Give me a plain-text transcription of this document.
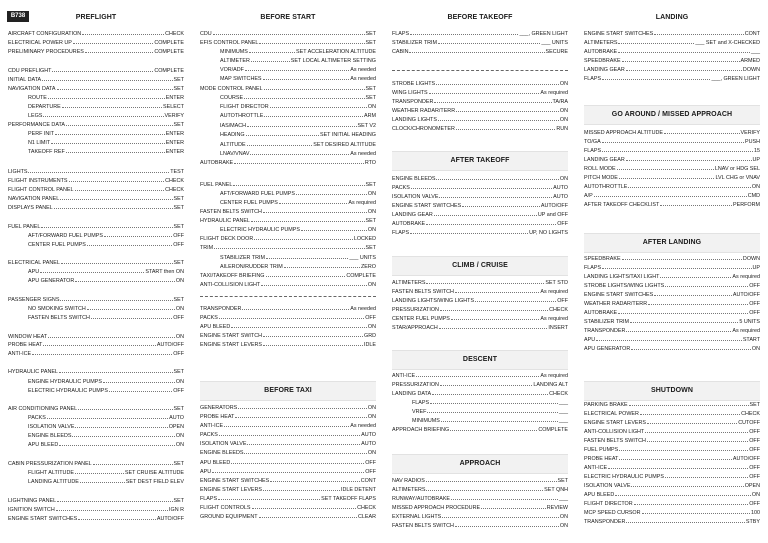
B738	PREFLIGHT
AIRCRAFT CONFIGURATION	CHECK
ELECTRICAL POWER UP	COMPLETE
PRELIMINARY PROCEDURES	COMPLETE
CDU PREFLIGHT	COMPLETE
INITIAL DATA	SET
NAVIGATION DATA	SET
ROUTE	ENTER
DEPARTURE	SELECT
LEGS	VERIFY
PERFORMANCE DATA	SET
PERF INIT	ENTER
N1 LIMIT	ENTER
TAKEOFF REF	ENTER
LIGHTS	TEST
FLIGHT INSTRUMENTS	CHECK
FLIGHT CONTROL PANEL	CHECK
NAVIGATION PANEL	SET
DISPLAYS PANEL	SET
FUEL PANEL	SET
AFT/FORWARD FUEL PUMPS	OFF
CENTER FUEL PUMPS	OFF
ELECTRICAL PANEL	SET
APU	START then ON
APU GENERATOR	ON
PASSENGER SIGNS	SET
NO SMOKING SWITCH	ON
FASTEN BELTS SWITCH	OFF
WINDOW HEAT	ON
PROBE HEAT	AUTO/OFF
ANTI-ICE	OFF
HYDRAULIC PANEL	SET
ENGINE HYDRAULIC PUMPS	ON
ELECTRIC HYDRAULIC PUMPS	OFF
AIR CONDITIONING PANEL	SET
PACKS	AUTO
ISOLATION VALVE	OPEN
ENGINE BLEEDS	ON
APU BLEED	ON
CABIN PRESSURIZATION PANEL	SET
FLIGHT ALTITUDE	SET CRUISE ALTITUDE
LANDING ALTITUDE	SET DEST FIELD ELEV
LIGHTNING PANEL	SET
IGNITION SWITCH	IGN R
ENGINE START SWITCHES	AUTO/OFF
BEFORE START
BEFORE TAXI
CDU	SET
EFIS CONTROL PANEL	SET
MINIMUMS	SET ACCELERATION ALTITUDE
ALTIMETER	SET LOCAL ALTIMETER SETTING
VOR/ADF	As needed
MAP SWITCHES	As needed
MODE CONTROL PANEL	SET
COURSE	SET
FLIGHT DIRECTOR	ON
AUTOTHROTTLE	ARM
IAS/MACH	SET V2
HEADING	SET INITIAL HEADING
ALTITUDE	SET DESIRED ALTITUDE
LNAV/VNAV	As needed
AUTOBRAKE	RTO
FUEL PANEL	SET
AFT/FORWARD FUEL PUMPS	ON
CENTER FUEL PUMPS	As required
FASTEN BELTS SWITCH	ON
HYDRAULIC PANEL	SET
ELECTRIC HYDRAULIC PUMPS	ON
FLIGHT DECK DOOR	LOCKED
TRIM	SET
STABILIZER TRIM	___ UNITS
AILERON/RUDDER TRIM	ZERO
TAXI/TAKEOFF BRIEFING	COMPLETE
ANTI-COLLISION LIGHT	ON
TRANSPONDER	As needed
PACKS	OFF
APU BLEED	ON
ENGINE START SWITCH	GRD
ENGINE START LEVERS	IDLE
GENERATORS	ON
PROBE HEAT	ON
ANTI-ICE	As needed
PACKS	AUTO
ISOLATION VALVE	AUTO
ENGINE BLEEDS	ON
APU BLEED	OFF
APU	OFF
ENGINE START SWITCHES	CONT
ENGINE START LEVERS	IDLE DETENT
FLAPS	SET TAKEOFF FLAPS
FLIGHT CONTROLS	CHECK
GROUND EQUIPMENT	CLEAR
BEFORE TAKEOFF
AFTER TAKEOFF
CLIMB / CRUISE
DESCENT
APPROACH
FLAPS	___, GREEN LIGHT
STABILIZER TRIM	___ UNITS
CABIN	SECURE
STROBE LIGHTS	ON
WING LIGHTS	As required
TRANSPONDER	TA/RA
WEATHER RADAR/TERR	ON
LANDING LIGHTS	ON
CLOCK/CHRONOMETER	RUN
ENGINE BLEEDS	ON
PACKS	AUTO
ISOLATION VALVE	AUTO
ENGINE START SWITCHES	AUTO/OFF
LANDING GEAR	UP and OFF
AUTOBRAKE	OFF
FLAPS	UP, NO LIGHTS
ALTIMETERS	SET STD
FASTEN BELTS SWITCH	As required
LANDING LIGHTS/WING LIGHTS	OFF
PRESSURIZATION	CHECK
CENTER FUEL PUMPS	As required
STAR/APPROACH	INSERT
ANTI-ICE	As required
PRESSURIZATION	LANDING ALT
LANDING DATA	CHECK
FLAPS	___
VREF	___
MINIMUMS	___
APPROACH BRIEFING	COMPLETE
NAV RADIOS	SET
ALTIMETERS	SET QNH
RUNWAY/AUTOBRAKE	___
MISSED APPROACH PROCEDURE	REVIEW
EXTERNAL LIGHTS	ON
FASTEN BELTS SWITCH	ON
LANDING
GO AROUND / MISSED APPROACH
AFTER LANDING
SHUTDOWN
ENGINE START SWITCHES	CONT
ALTIMETERS	___ SET and X-CHECKED
AUTOBRAKE	___
SPEEDBRAKE	ARMED
LANDING GEAR	DOWN
FLAPS	___, GREEN LIGHT
MISSED APPROACH ALTITUDE	VERIFY
TO/GA	PUSH
FLAPS	15
LANDING GEAR	UP
ROLL MODE	LNAV or HDG SEL
PITCH MODE	LVL CHG or VNAV
AUTOTHROTTLE	ON
A/P	CMD
AFTER TAKEOFF CHECKLIST	PERFORM
SPEEDBRAKE	DOWN
FLAPS	UP
LANDING LIGHTS/TAXI LIGHT	As required
STROBE LIGHTS/WING LIGHTS	OFF
ENGINE START SWITCHES	AUTO/OFF
WEATHER RADAR/TERR	OFF
AUTOBRAKE	OFF
STABILIZER TRIM	5 UNITS
TRANSPONDER	As required
APU	START
APU GENERATOR	ON
PARKING BRAKE	SET
ELECTRICAL POWER	CHECK
ENGINE START LEVERS	CUTOFF
ANTI-COLLISION LIGHT	OFF
FASTEN BELTS SWITCH	OFF
FUEL PUMPS	OFF
PROBE HEAT	AUTO/OFF
ANTI-ICE	OFF
ELECTRIC HYDRAULIC PUMPS	OFF
ISOLATION VALVE	OPEN
APU BLEED	ON
FLIGHT DIRECTOR	OFF
MCP SPEED CURSOR	100
TRANSPONDER	STBY
